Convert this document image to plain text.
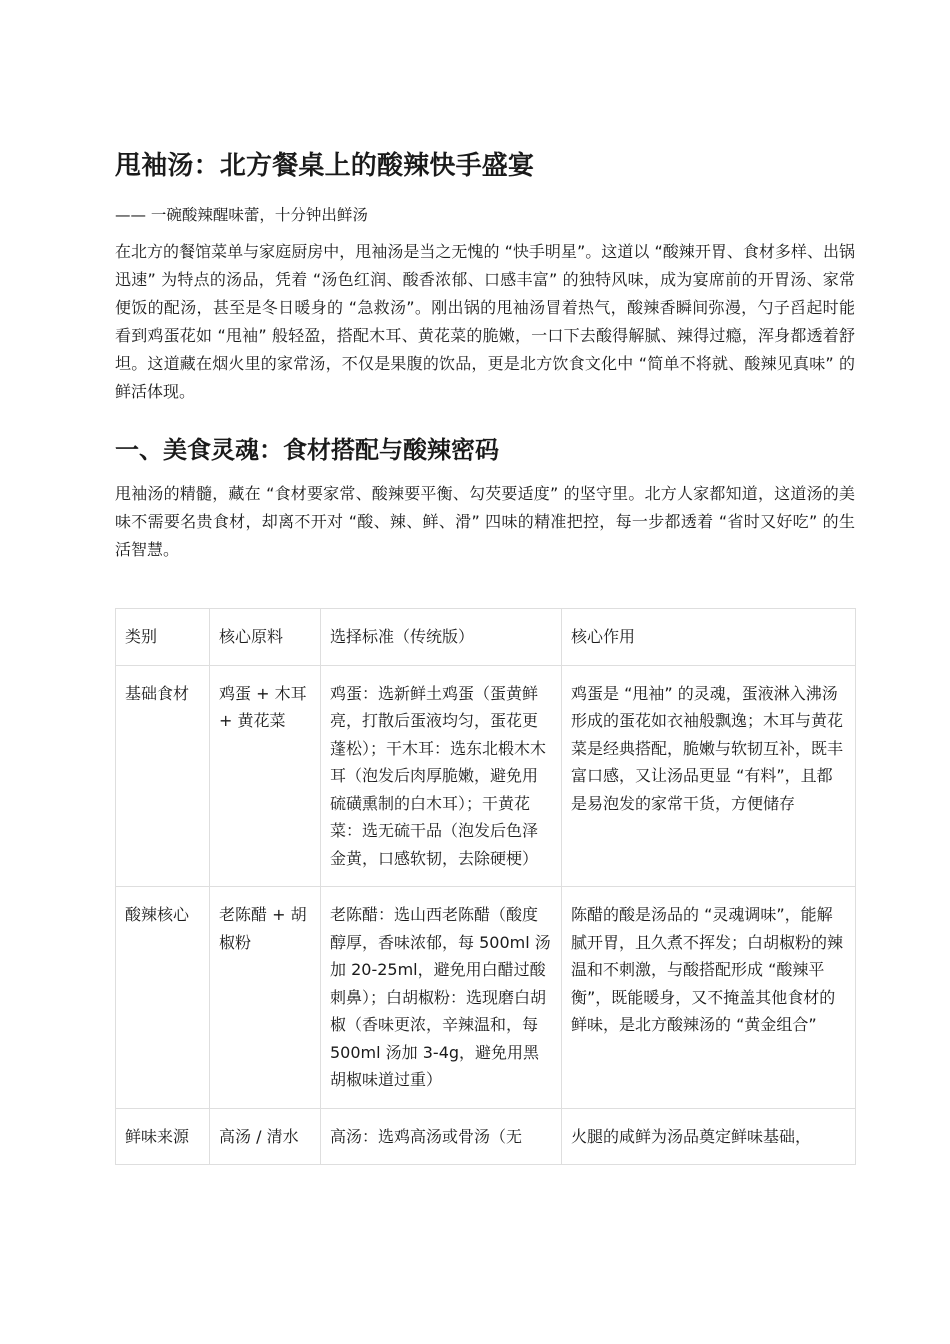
甩袖汤：北方餐桌上的酸辣快手盛宴

—— 一碗酸辣醒味蕾，十分钟出鲜汤

在北方的餐馆菜单与家庭厨房中，甩袖汤是当之无愧的 “快手明星”。这道以 “酸辣开胃、食材多样、出锅迅速” 为特点的汤品，凭着 “汤色红润、酸香浓郁、口感丰富” 的独特风味，成为宴席前的开胃汤、家常便饭的配汤，甚至是冬日暖身的 “急救汤”。刚出锅的甩袖汤冒着热气，酸辣香瞬间弥漫，勺子舀起时能看到鸡蛋花如 “甩袖” 般轻盈，搭配木耳、黄花菜的脆嫩，一口下去酸得解腻、辣得过瘾，浑身都透着舒坦。这道藏在烟火里的家常汤，不仅是果腹的饮品，更是北方饮食文化中 “简单不将就、酸辣见真味” 的鲜活体现。

一、美食灵魂：食材搭配与酸辣密码

甩袖汤的精髓，藏在 “食材要家常、酸辣要平衡、勾芡要适度” 的坚守里。北方人家都知道，这道汤的美味不需要名贵食材，却离不开对 “酸、辣、鲜、滑” 四味的精准把控，每一步都透着 “省时又好吃” 的生活智慧。

类别	核心原料	选择标准（传统版）	核心作用
基础食材	鸡蛋 + 木耳 + 黄花菜	鸡蛋：选新鲜土鸡蛋（蛋黄鲜亮，打散后蛋液均匀，蛋花更蓬松）；干木耳：选东北椴木木耳（泡发后肉厚脆嫩，避免用硫磺熏制的白木耳）；干黄花菜：选无硫干品（泡发后色泽金黄，口感软韧，去除硬梗）	鸡蛋是 “甩袖” 的灵魂，蛋液淋入沸汤形成的蛋花如衣袖般飘逸；木耳与黄花菜是经典搭配，脆嫩与软韧互补，既丰富口感，又让汤品更显 “有料”，且都是易泡发的家常干货，方便储存
酸辣核心	老陈醋 + 胡椒粉	老陈醋：选山西老陈醋（酸度醇厚，香味浓郁，每 500ml 汤加 20-25ml，避免用白醋过酸刺鼻）；白胡椒粉：选现磨白胡椒（香味更浓，辛辣温和，每 500ml 汤加 3-4g，避免用黑胡椒味道过重）	陈醋的酸是汤品的 “灵魂调味”，能解腻开胃，且久煮不挥发；白胡椒粉的辣温和不刺激，与酸搭配形成 “酸辣平衡”，既能暖身，又不掩盖其他食材的鲜味，是北方酸辣汤的 “黄金组合”
鲜味来源	高汤 / 清水	高汤：选鸡高汤或骨汤（无	火腿的咸鲜为汤品奠定鲜味基础，
